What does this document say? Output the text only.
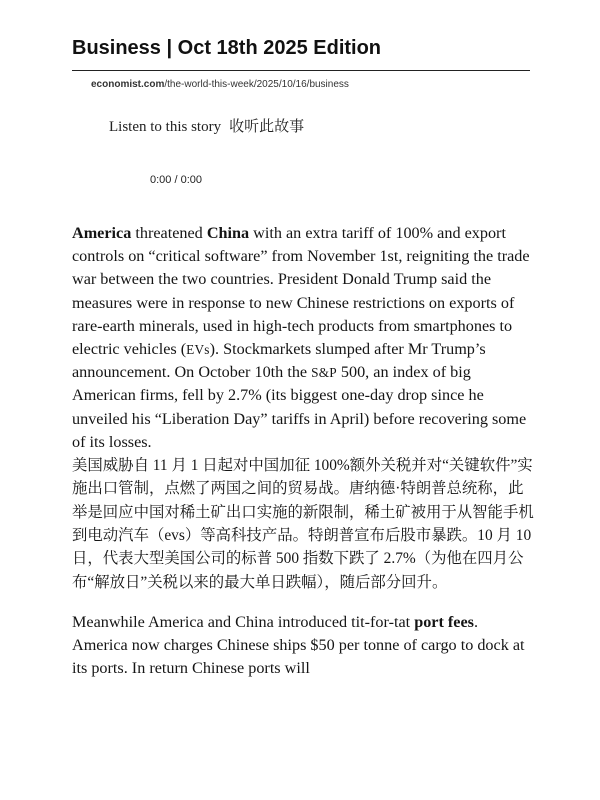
Business | Oct 18th 2025 Edition
economist.com/the-world-this-week/2025/10/16/business
Listen to this story 收听此故事
0:00 / 0:00

America threatened China with an extra tariff of 100% and export controls on “critical software” from November 1st, reigniting the trade war between the two countries. President Donald Trump said the measures were in response to new Chinese restrictions on exports of rare-earth minerals, used in high-tech products from smartphones to electric vehicles (EVs). Stockmarkets slumped after Mr Trump’s announcement. On October 10th the S&P 500, an index of big American firms, fell by 2.7% (its biggest one-day drop since he unveiled his “Liberation Day” tariffs in April) before recovering some of its losses.

美国威胁自 11 月 1 日起对中国加征 100%额外关税并对“关键软件”实施出口管制，点燃了两国之间的贸易战。唐纳德·特朗普总统称，此举是回应中国对稀土矿出口实施的新限制，稀土矿被用于从智能手机到电动汽车（evs）等高科技产品。特朗普宣布后股市暴跌。10 月 10 日，代表大型美国公司的标普 500 指数下跌了 2.7%（为他在四月公布“解放日”关税以来的最大单日跌幅），随后部分回升。

Meanwhile America and China introduced tit-for-tat port fees. America now charges Chinese ships $50 per tonne of cargo to dock at its ports. In return Chinese ports will
